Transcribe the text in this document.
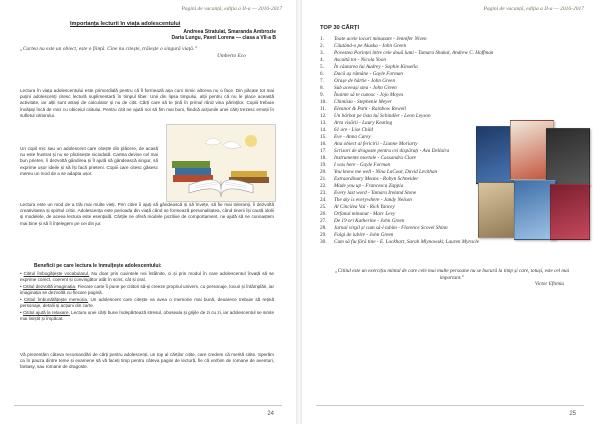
Pagini de vacanță, ediția a II-a — 2016-2017
Importanța lecturii în viața adolescentului
Andreea Stratulat, Smaranda Ambrozie
Daria Lungu, Pavel Lorena — clasa a VII-a B
„Cartea nu este un obiect, este o ființă. Cine nu citește, trăiește o singură viață.”
Umberto Eco
Lectura în viața adolescentului este primordială pentru că îl formează așa cum nimic altceva nu o face. Din păcate tot mai puțini adolescenți citesc lectură suplimentară în timpul liber. Unii din lipsa timpului, alții pentru că nu le place această activitate, iar alții sunt atrași de calculator și nu de citit. Cărți care să te țină în primul rând vina părinților. Copiii trebuie învățați încă de mici cu obiceiul cititului. Pentru citit ne ajută noi să fim mai buni, fiindcă acțiunile unei cărți trezesc emoții în sufletul cititorului.
Un copil mic sau un adolescent care citește din plăcere, de acasă nu este frustrat și nu se plictisește niciodată. Cartea devine cel mai bun prieten, îi dezvoltă gândirea și îl ajută să gândească singur, să exprime ușor ideile și să își facă prieteni. Copiii care citesc găsesc mereu un mod de a se adapta ușor.
Lectura este un mod de a trăi mai multe vieți. Prin citire îi ajuți să gândească și să învețe, să fie mai toleranți, îi dezvoltă creativitatea și spiritul critic. Adolescența este perioada din viață când se formează personalitatea, când tinerii își caută idolii și modelele, de aceea lectura este esențială. Cărțile ne oferă modele pozitive de comportament, ne ajută să ne cunoaștem mai bine și să îi înțelegem pe cei din jur.
Beneficii pe care lectura le înmulțește adolescentului:

• Cititul îmbogățește vocabularul. Nu doar prin cuvintele noi întâlnite, ci și prin modul în care adolescentul învață să se exprime corect, coerent și convingător atât în scris, cât și oral.

• Cititul dezvoltă imaginația. Fiecare carte îi pune pe cititori să-și creeze propriul univers, cu personaje, locuri și întâmplări, iar imaginația se dezvoltă cu fiecare pagină.

• Cititul îmbunătățește memoria. Un adolescent care citește va avea o memorie mai bună, deoarece trebuie să rețină personaje, detalii și acțiuni din carte.

• Cititul ajută la relaxare. Lectura unei cărți bune îndepărtează stresul, oboseala și grijile de zi cu zi, iar adolescentul se simte mai liniștit și împăcat.

Vă prezentăm câteva recomandări de cărți pentru adolescenți, un top al cărților citite, care credem că merită citite. Sperăm ca în pauza dintre teme și examene să vă faceți timp pentru câteva pagini de lectură, fie că vorbim de romane de aventuri, fantasy, sau romane de dragoste.
24
Pagini de vacanță, ediția a II-a — 2016-2017
TOP 30 CĂRȚI
1. Toate acele locuri minunate - Jennifer Niven
2. Căutând-o pe Alaska - John Green
3. Povestea Parinței între cele două lumi - Tamara Shakal, Andrew C. Hoffman
4. Ascultă tot - Nicola Yoon
5. În căutarea lui Audrey - Sophie Kinsella
6. Dacă aș rămâne - Gayle Forman
7. Orașe de hârtie - John Green
8. Sub aceeași stea - John Green
9. Înainte să te cunosc - Jojo Moyes
10. Chimista - Stephenie Meyer
11. Eleanor & Park - Rainbow Rowell
12. Un bărbat pe lista lui Schindler - Leon Leyson
13. Arta visării - Laury Keating
14. 61 ore - Lise Child
15. Eve - Anna Carey
16. Ana obiect al fericirii - Lianne Moriarty
17. Scrisori de dragoste pentru cei dispăruți - Ava Dellaira
18. Instrumente mortale - Cassandra Clare
19. I was here - Gayle Forman
20. You know me well - Nina LaCour, David Levithan
21. Extraordinary Means - Robyn Schneider
22. Made you up - Francesca Zappia
23. Every last word - Tamara Ireland Stone
24. The sky is everywhere - Jandy Nelson
25. Al Cincilea Val - Rick Yancey
26. Orfanul minunat - Marc Levy
27. De 19 ori Katherine - John Green
28. Jurnal virgil și cum să-l iubim - Florence Scovel Shinn
29. Fulgi de iubire - John Green
30. Cum să fiu fără tine - E. Lockhart, Sarah Mlynowski, Lauren Myracle
„Cititul este un exercițiu mintal de care cele mai multe persoane nu se bucură la timp și care, totuși, este cel mai important.”
Victor Eftimiu
25
